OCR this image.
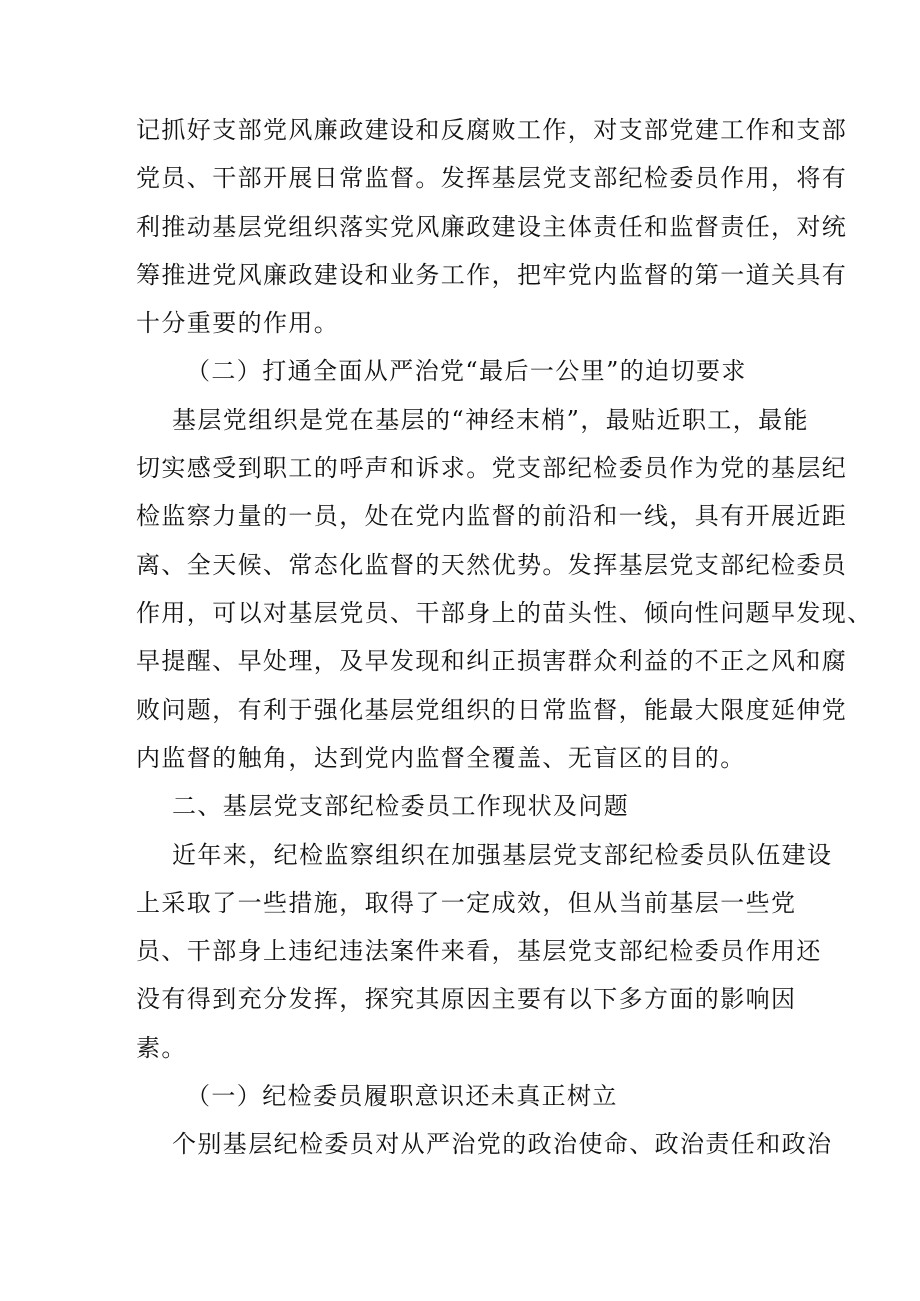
记抓好支部党风廉政建设和反腐败工作，对支部党建工作和支部
党员、干部开展日常监督。发挥基层党支部纪检委员作用，将有
利推动基层党组织落实党风廉政建设主体责任和监督责任，对统
筹推进党风廉政建设和业务工作，把牢党内监督的第一道关具有
十分重要的作用。
（二）打通全面从严治党“最后一公里”的迫切要求
基层党组织是党在基层的“神经末梢”，最贴近职工，最能
切实感受到职工的呼声和诉求。党支部纪检委员作为党的基层纪
检监察力量的一员，处在党内监督的前沿和一线，具有开展近距
离、全天候、常态化监督的天然优势。发挥基层党支部纪检委员
作用，可以对基层党员、干部身上的苗头性、倾向性问题早发现、
早提醒、早处理，及早发现和纠正损害群众利益的不正之风和腐
败问题，有利于强化基层党组织的日常监督，能最大限度延伸党
内监督的触角，达到党内监督全覆盖、无盲区的目的。
二、基层党支部纪检委员工作现状及问题
近年来，纪检监察组织在加强基层党支部纪检委员队伍建设
上采取了一些措施，取得了一定成效，但从当前基层一些党
员、干部身上违纪违法案件来看，基层党支部纪检委员作用还
没有得到充分发挥，探究其原因主要有以下多方面的影响因
素。
（一）纪检委员履职意识还未真正树立
个别基层纪检委员对从严治党的政治使命、政治责任和政治
